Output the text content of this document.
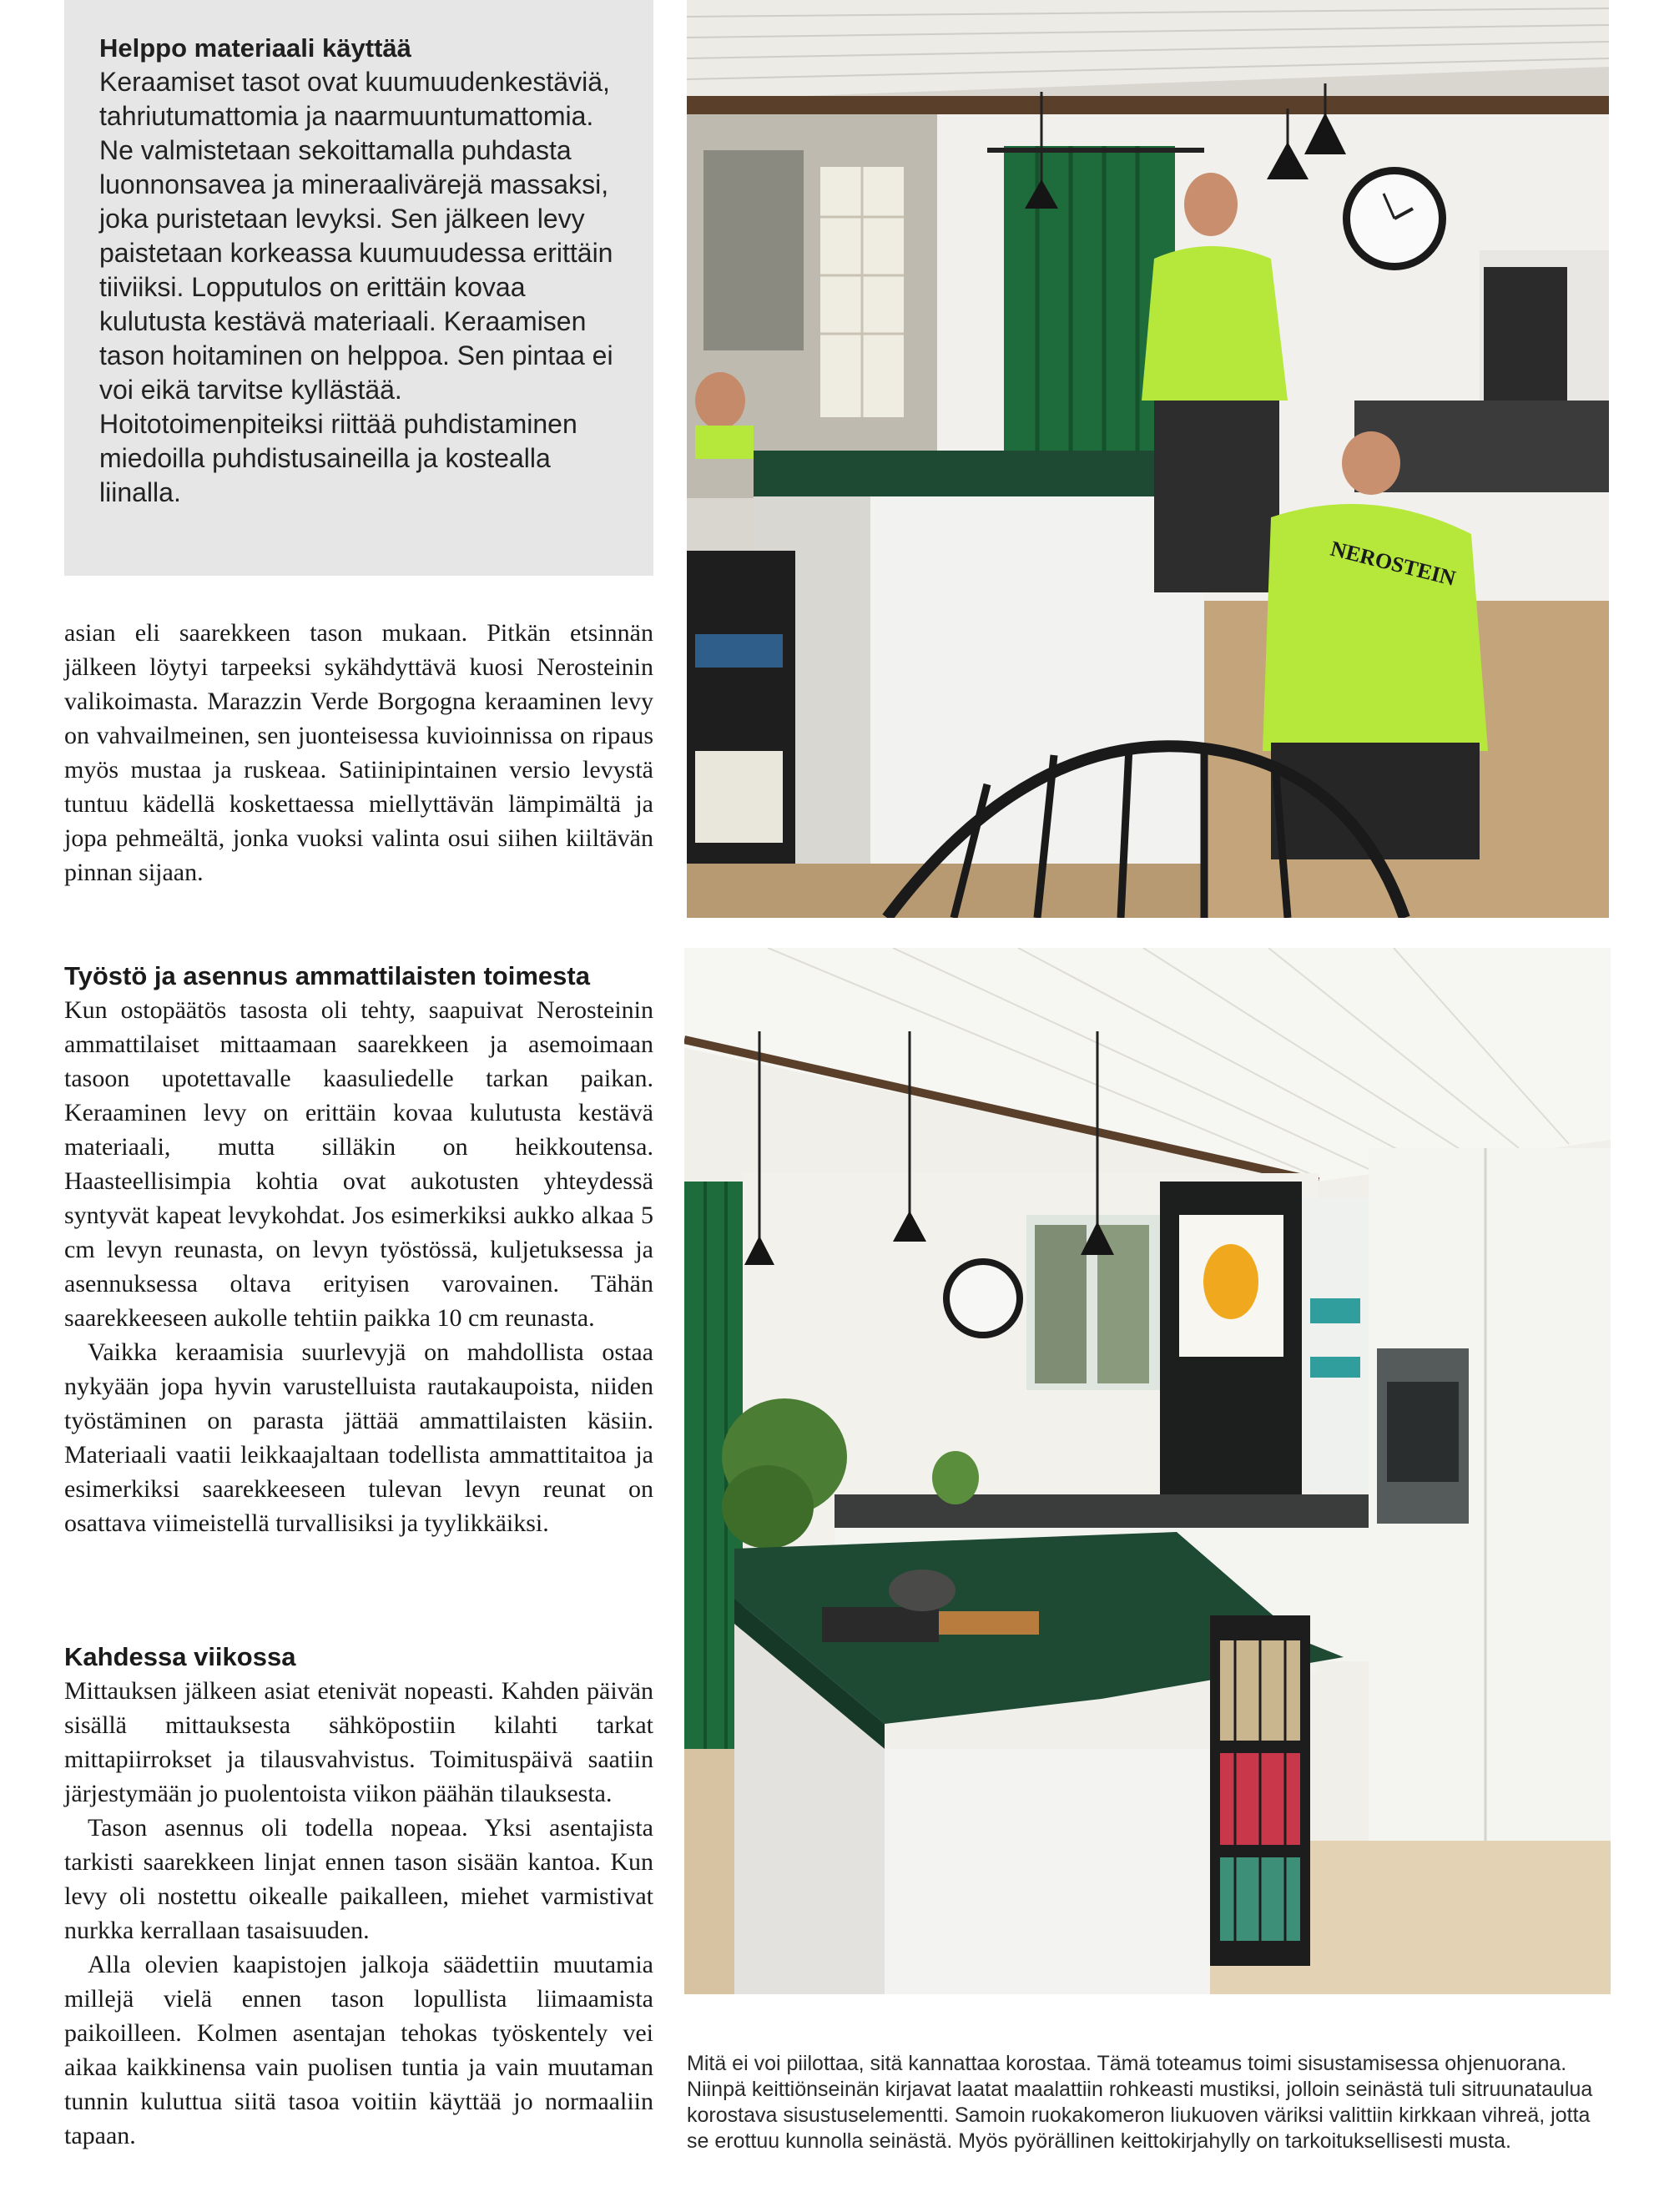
Helppo materiaali käyttää

Keraamiset tasot ovat kuumuudenkestäviä, tahriutumattomia ja naarmuuntumattomia. Ne valmistetaan sekoittamalla puhdasta luonnonsavea ja mineraalivärejä massaksi, joka puristetaan levyksi. Sen jälkeen levy paistetaan korkeassa kuumuudessa erittäin tiiviiksi. Lopputulos on erittäin kovaa kulutusta kestävä materiaali. Keraamisen tason hoitaminen on helppoa. Sen pintaa ei voi eikä tarvitse kyllästää. Hoitotoimenpiteiksi riittää puhdistaminen miedoilla puhdistusaineilla ja kostealla liinalla.

asian eli saarekkeen tason mukaan. Pitkän etsinnän jälkeen löytyi tarpeeksi sykähdyttävä kuosi Nerosteinin valikoimasta. Marazzin Verde Borgogna keraaminen levy on vahvailmeinen, sen juonteisessa kuvioinnissa on ripaus myös mustaa ja ruskeaa. Satiinipintainen versio levystä tuntuu kädellä koskettaessa miellyttävän lämpimältä ja jopa pehmeältä, jonka vuoksi valinta osui siihen kiiltävän pinnan sijaan.

Työstö ja asennus ammattilaisten toimesta

Kun ostopäätös tasosta oli tehty, saapuivat Nerosteinin ammattilaiset mittaamaan saarekkeen ja asemoimaan tasoon upotettavalle kaasuliedelle tarkan paikan. Keraaminen levy on erittäin kovaa kulutusta kestävä materiaali, mutta silläkin on heikkoutensa. Haasteellisimpia kohtia ovat aukotusten yhteydessä syntyvät kapeat levykohdat. Jos esimerkiksi aukko alkaa 5 cm levyn reunasta, on levyn työstössä, kuljetuksessa ja asennuksessa oltava erityisen varovainen. Tähän saarekkeeseen aukolle tehtiin paikka 10 cm reunasta.

Vaikka keraamisia suurlevyjä on mahdollista ostaa nykyään jopa hyvin varustelluista rautakaupoista, niiden työstäminen on parasta jättää ammattilaisten käsiin. Materiaali vaatii leikkaajaltaan todellista ammattitaitoa ja esimerkiksi saarekkeeseen tulevan levyn reunat on osattava viimeistellä turvallisiksi ja tyylikkäiksi.

Kahdessa viikossa

Mittauksen jälkeen asiat etenivät nopeasti. Kahden päivän sisällä mittauksesta sähköpostiin kilahti tarkat mittapiirrokset ja tilausvahvistus. Toimituspäivä saatiin järjestymään jo puolentoista viikon päähän tilauksesta.

Tason asennus oli todella nopeaa. Yksi asentajista tarkisti saarekkeen linjat ennen tason sisään kantoa. Kun levy oli nostettu oikealle paikalleen, miehet varmistivat nurkka kerrallaan tasaisuuden.

Alla olevien kaapistojen jalkoja säädettiin muutamia millejä vielä ennen tason lopullista liimaamista paikoilleen. Kolmen asentajan tehokas työskentely vei aikaa kaikkinensa vain puolisen tuntia ja vain muutaman tunnin kuluttua siitä tasoa voitiin käyttää jo normaaliin tapaan.

NEROSTEIN

Mitä ei voi piilottaa, sitä kannattaa korostaa. Tämä toteamus toimi sisustamisessa ohjenuorana. Niinpä keittiönseinän kirjavat laatat maalattiin rohkeasti mustiksi, jolloin seinästä tuli sitruunataulua korostava sisustuselementti. Samoin ruokakomeron liukuoven väriksi valittiin kirkkaan vihreä, jotta se erottuu kunnolla seinästä. Myös pyörällinen keittokirjahylly on tarkoituksellisesti musta.
